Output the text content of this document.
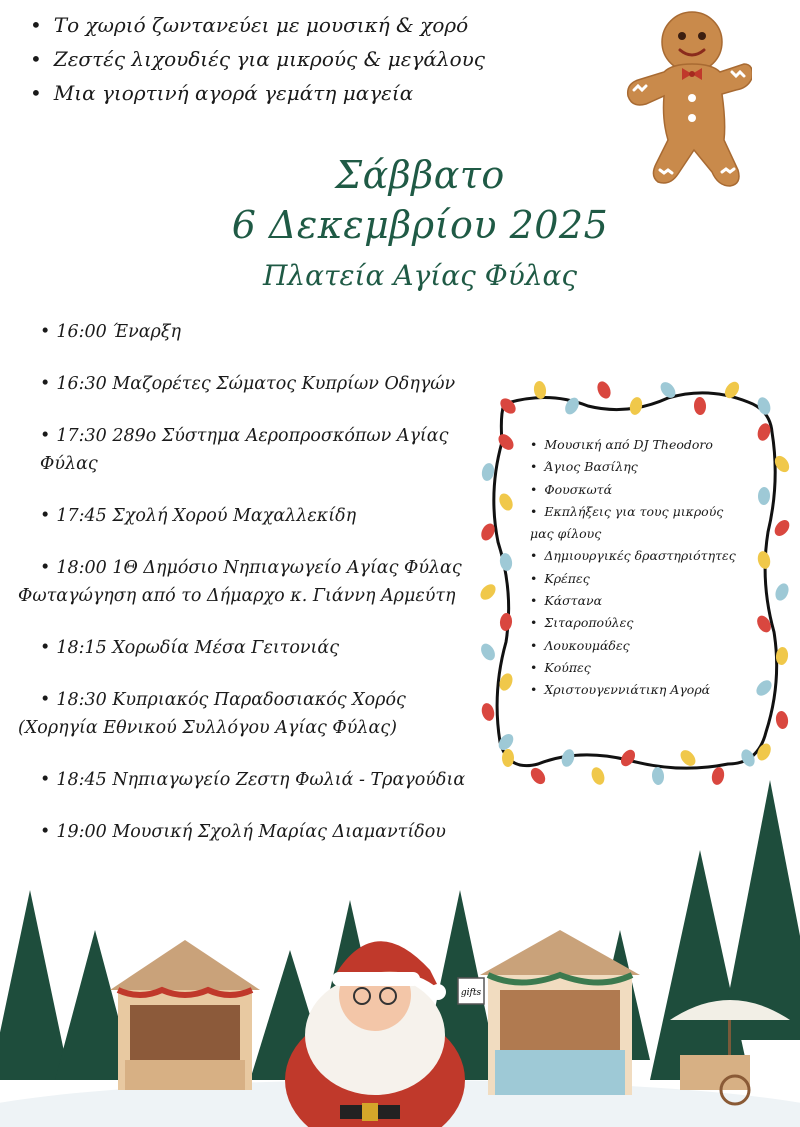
• Το χωριό ζωντανεύει με μουσική & χορό
• Ζεστές λιχουδιές για μικρούς & μεγάλους
• Μια γιορτινή αγορά γεμάτη μαγεία
Σάββατο
6 Δεκεμβρίου 2025
Πλατεία Αγίας Φύλας
• 16:00 Έναρξη
• 16:30 Μαζορέτες Σώματος Κυπρίων Οδηγών
• 17:30 289ο Σύστημα Αεροπροσκόπων Αγίας Φύλας
• 17:45 Σχολή Χορού Μαχαλλεκίδη
• 18:00 1Θ Δημόσιο Νηπιαγωγείο Αγίας Φύλας
Φωταγώγηση από το Δήμαρχο κ. Γιάννη Αρμεύτη
• 18:15 Χορωδία Μέσα Γειτονιάς
• 18:30 Κυπριακός Παραδοσιακός Χορός
(Χορηγία Εθνικού Συλλόγου Αγίας Φύλας)
• 18:45 Νηπιαγωγείο Ζεστη Φωλιά - Τραγούδια
• 19:00 Μουσική Σχολή Μαρίας Διαμαντίδου
• Μουσική από DJ Theodoro
• Άγιος Βασίλης
• Φουσκωτά
• Εκπλήξεις για τους μικρούς μας φίλους
• Δημιουργικές δραστηριότητες
• Κρέπες
• Κάστανα
• Σιταροπούλες
• Λουκουμάδες
• Κούπες
• Χριστουγεννιάτικη Αγορά
gifts
